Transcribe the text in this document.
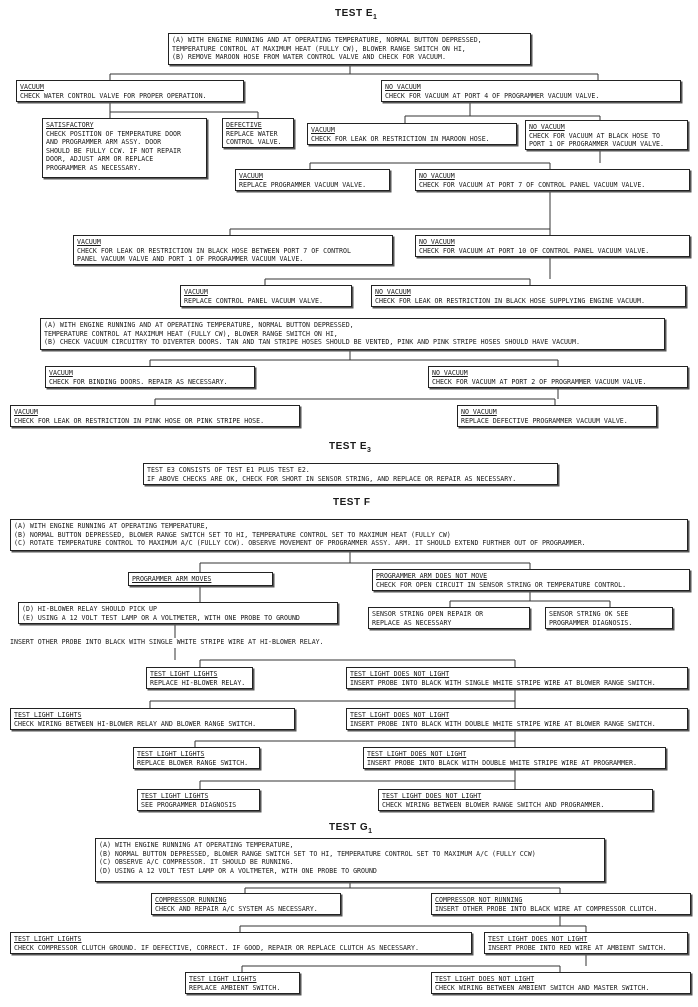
TEST $E_1$
(A) WITH ENGINE RUNNING AND AT OPERATING TEMPERATURE, NORMAL BUTTON DEPRESSED,
TEMPERATURE CONTROL AT MAXIMUM HEAT (FULLY CW), BLOWER RANGE SWITCH ON HI,
(B) REMOVE MAROON HOSE FROM WATER CONTROL VALVE AND CHECK FOR VACUUM.
VACUUM
CHECK WATER CONTROL VALVE FOR PROPER OPERATION.
NO VACUUM
CHECK FOR VACUUM AT PORT 4 OF PROGRAMMER VACUUM VALVE.
SATISFACTORY
CHECK POSITION OF TEMPERATURE DOOR
AND PROGRAMMER ARM ASSY. DOOR
SHOULD BE FULLY CCW. IF NOT REPAIR
DOOR, ADJUST ARM OR REPLACE
PROGRAMMER AS NECESSARY.
DEFECTIVE
REPLACE WATER
CONTROL VALVE.
VACUUM
CHECK FOR LEAK OR RESTRICTION IN MAROON HOSE.
NO VACUUM
CHECK FOR VACUUM AT BLACK HOSE TO
PORT 1 OF PROGRAMMER VACUUM VALVE.
VACUUM
REPLACE PROGRAMMER VACUUM VALVE.
NO VACUUM
CHECK FOR VACUUM AT PORT 7 OF CONTROL PANEL VACUUM VALVE.
VACUUM
CHECK FOR LEAK OR RESTRICTION IN BLACK HOSE BETWEEN PORT 7 OF CONTROL
PANEL VACUUM VALVE AND PORT 1 OF PROGRAMMER VACUUM VALVE.
NO VACUUM
CHECK FOR VACUUM AT PORT 10 OF CONTROL PANEL VACUUM VALVE.
VACUUM
REPLACE CONTROL PANEL VACUUM VALVE.
NO VACUUM
CHECK FOR LEAK OR RESTRICTION IN BLACK HOSE SUPPLYING ENGINE VACUUM.
(A) WITH ENGINE RUNNING AND AT OPERATING TEMPERATURE, NORMAL BUTTON DEPRESSED,
TEMPERATURE CONTROL AT MAXIMUM HEAT (FULLY CW), BLOWER RANGE SWITCH ON HI,
(B) CHECK VACUUM CIRCUITRY TO DIVERTER DOORS. TAN AND TAN STRIPE HOSES SHOULD BE VENTED, PINK AND PINK STRIPE HOSES SHOULD HAVE VACUUM.
VACUUM
CHECK FOR BINDING DOORS. REPAIR AS NECESSARY.
NO VACUUM
CHECK FOR VACUUM AT PORT 2 OF PROGRAMMER VACUUM VALVE.
VACUUM
CHECK FOR LEAK OR RESTRICTION IN PINK HOSE OR PINK STRIPE HOSE.
NO VACUUM
REPLACE DEFECTIVE PROGRAMMER VACUUM VALVE.
TEST $E_3$
TEST E3 CONSISTS OF TEST E1 PLUS TEST E2.
IF ABOVE CHECKS ARE OK, CHECK FOR SHORT IN SENSOR STRING, AND REPLACE OR REPAIR AS NECESSARY.
TEST F
(A) WITH ENGINE RUNNING AT OPERATING TEMPERATURE,
(B) NORMAL BUTTON DEPRESSED, BLOWER RANGE SWITCH SET TO HI, TEMPERATURE CONTROL SET TO MAXIMUM HEAT (FULLY CW)
(C) ROTATE TEMPERATURE CONTROL TO MAXIMUM A/C (FULLY CCW). OBSERVE MOVEMENT OF PROGRAMMER ASSY. ARM. IT SHOULD EXTEND FURTHER OUT OF PROGRAMMER.
PROGRAMMER ARM MOVES	PROGRAMMER ARM DOES NOT MOVE
CHECK FOR OPEN CIRCUIT IN SENSOR STRING OR TEMPERATURE CONTROL.
(D) HI-BLOWER RELAY SHOULD PICK UP
(E) USING A 12 VOLT TEST LAMP OR A VOLTMETER, WITH ONE PROBE TO GROUND	SENSOR STRING OPEN REPAIR OR
REPLACE AS NECESSARY
SENSOR STRING OK SEE
PROGRAMMER DIAGNOSIS.
TEST LIGHT LIGHTS
REPLACE HI-BLOWER RELAY.
TEST LIGHT DOES NOT LIGHT
INSERT PROBE INTO BLACK WITH SINGLE WHITE STRIPE WIRE AT BLOWER RANGE SWITCH.
TEST LIGHT LIGHTS
CHECK WIRING BETWEEN HI-BLOWER RELAY AND BLOWER RANGE SWITCH.
TEST LIGHT DOES NOT LIGHT
INSERT PROBE INTO BLACK WITH DOUBLE WHITE STRIPE WIRE AT BLOWER RANGE SWITCH.
TEST LIGHT LIGHTS
REPLACE BLOWER RANGE SWITCH.
TEST LIGHT DOES NOT LIGHT
INSERT PROBE INTO BLACK WITH DOUBLE WHITE STRIPE WIRE AT PROGRAMMER.
TEST LIGHT LIGHTS
SEE PROGRAMMER DIAGNOSIS
TEST LIGHT DOES NOT LIGHT
CHECK WIRING BETWEEN BLOWER RANGE SWITCH AND PROGRAMMER.
INSERT OTHER PROBE INTO BLACK WITH SINGLE WHITE STRIPE WIRE AT HI-BLOWER RELAY.
TEST $G_1$
(A) WITH ENGINE RUNNING AT OPERATING TEMPERATURE,
(B) NORMAL BUTTON DEPRESSED, BLOWER RANGE SWITCH SET TO HI, TEMPERATURE CONTROL SET TO MAXIMUM A/C (FULLY CCW)
(C) OBSERVE A/C COMPRESSOR. IT SHOULD BE RUNNING.
(D) USING A 12 VOLT TEST LAMP OR A VOLTMETER, WITH ONE PROBE TO GROUND
COMPRESSOR RUNNING
CHECK AND REPAIR A/C SYSTEM AS NECESSARY.
COMPRESSOR NOT RUNNING
INSERT OTHER PROBE INTO BLACK WIRE AT COMPRESSOR CLUTCH.
TEST LIGHT LIGHTS
CHECK COMPRESSOR CLUTCH GROUND. IF DEFECTIVE, CORRECT. IF GOOD, REPAIR OR REPLACE CLUTCH AS NECESSARY.
TEST LIGHT DOES NOT LIGHT
INSERT PROBE INTO RED WIRE AT AMBIENT SWITCH.
TEST LIGHT LIGHTS
REPLACE AMBIENT SWITCH.
TEST LIGHT DOES NOT LIGHT
CHECK WIRING BETWEEN AMBIENT SWITCH AND MASTER SWITCH.
